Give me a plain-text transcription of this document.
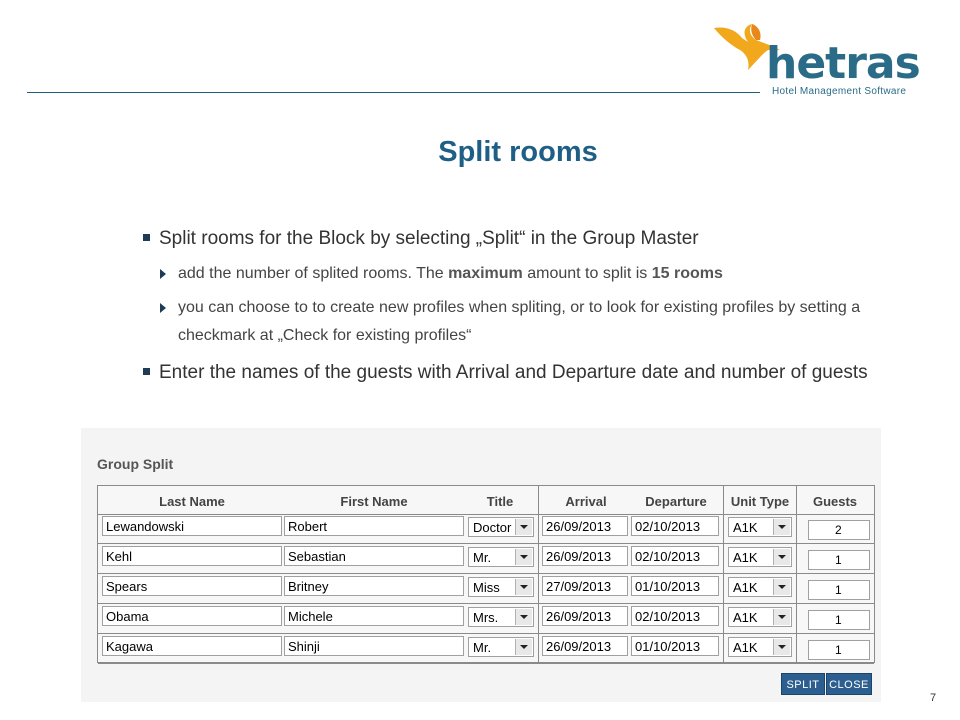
hetras
Hotel Management Software
Split rooms
Split rooms for the Block by selecting „Split“ in the Group Master
add the number of splited rooms. The maximum amount to split is 15 rooms
you can choose to to create new profiles when spliting, or to look for existing profiles by setting a checkmark at „Check for existing profiles“
Enter the names of the guests with Arrival and Departure date and number of guests
Group Split
Last Name	First Name	Title	Arrival	Departure	Unit Type	Guests
Lewandowski	Robert	Doctor	26/09/2013	02/10/2013	A1K	2
Kehl	Sebastian	Mr.	26/09/2013	02/10/2013	A1K	1
Spears	Britney	Miss	27/09/2013	01/10/2013	A1K	1
Obama	Michele	Mrs.	26/09/2013	02/10/2013	A1K	1
Kagawa	Shinji	Mr.	26/09/2013	01/10/2013	A1K	1
SPLIT CLOSE
7
